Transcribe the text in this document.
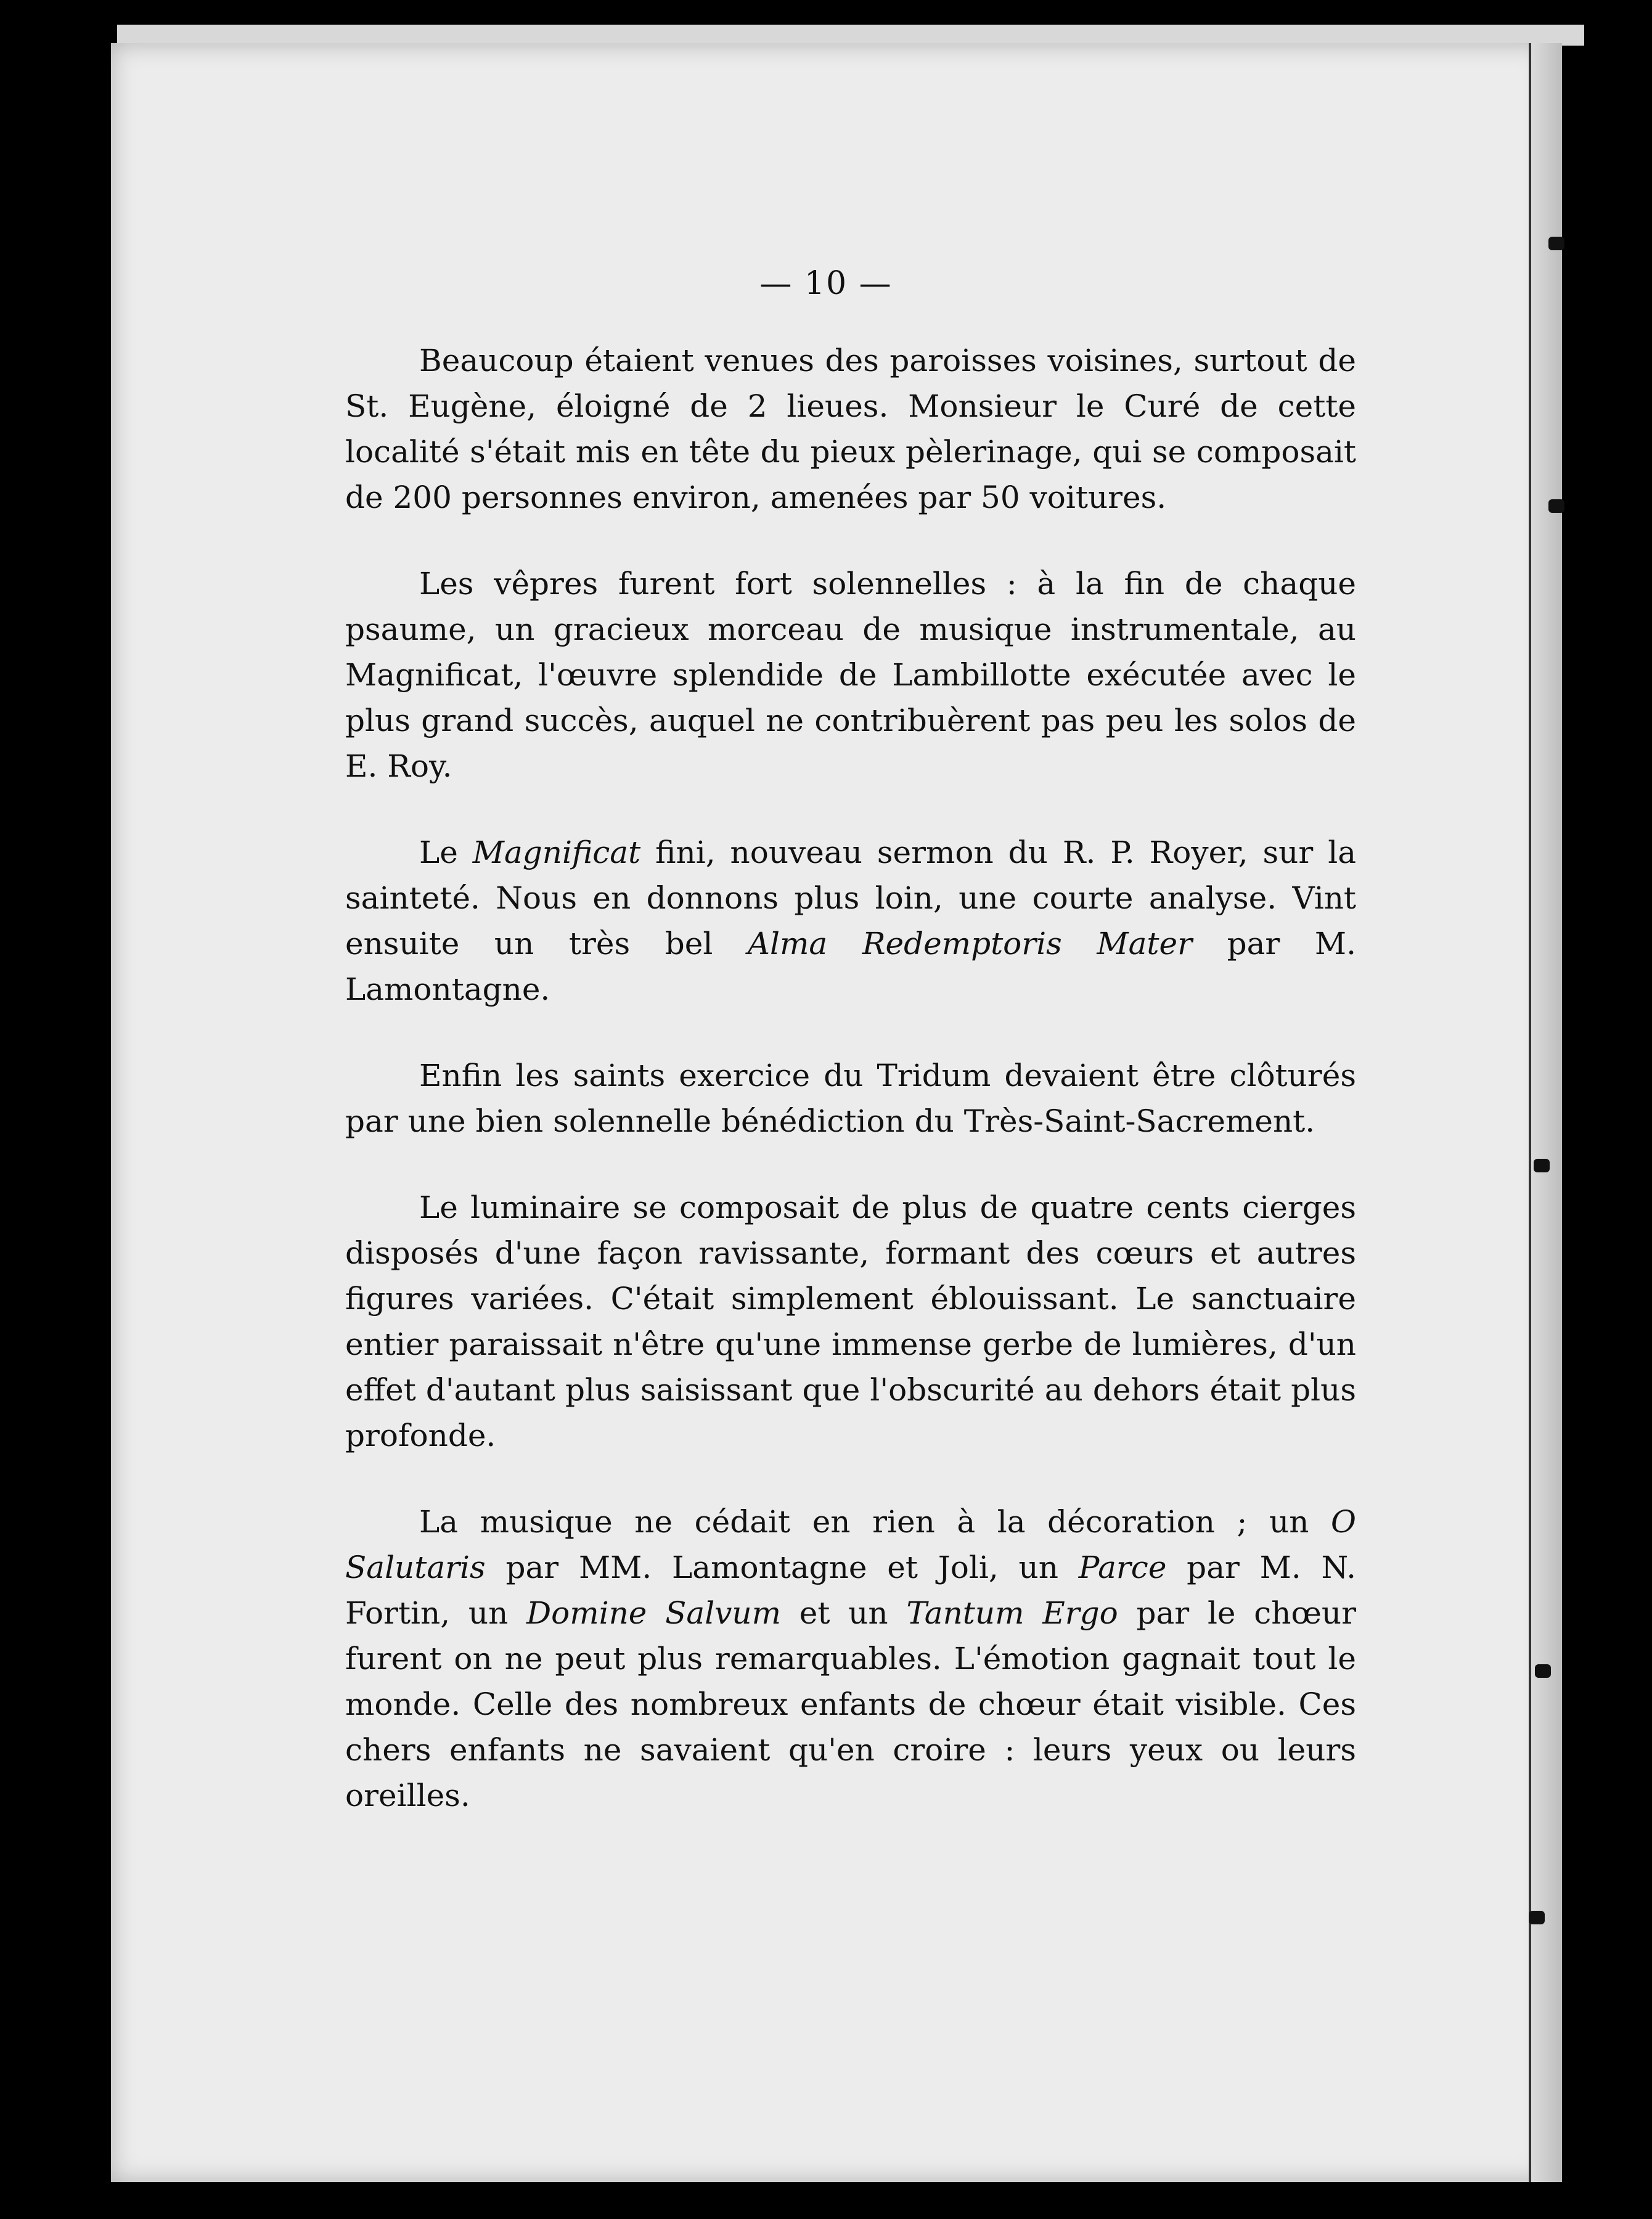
— 10 —

Beaucoup étaient venues des paroisses voisines, surtout de St. Eugène, éloigné de 2 lieues. Monsieur le Curé de cette localité s'était mis en tête du pieux pèlerinage, qui se composait de 200 personnes environ, amenées par 50 voitures.

Les vêpres furent fort solennelles : à la fin de chaque psaume, un gracieux morceau de musique instrumentale, au Magnificat, l'œuvre splendide de Lambillotte exécutée avec le plus grand succès, auquel ne contribuèrent pas peu les solos de E. Roy.

Le Magnificat fini, nouveau sermon du R. P. Royer, sur la sainteté. Nous en donnons plus loin, une courte analyse. Vint ensuite un très bel Alma Redemptoris Mater par M. Lamontagne.

Enfin les saints exercice du Tridum devaient être clôturés par une bien solennelle bénédiction du Très-Saint-Sacrement.

Le luminaire se composait de plus de quatre cents cierges disposés d'une façon ravissante, formant des cœurs et autres figures variées. C'était simplement éblouissant. Le sanctuaire entier paraissait n'être qu'une immense gerbe de lumières, d'un effet d'autant plus saisissant que l'obscurité au dehors était plus profonde.

La musique ne cédait en rien à la décoration ; un O Salutaris par MM. Lamontagne et Joli, un Parce par M. N. Fortin, un Domine Salvum et un Tantum Ergo par le chœur furent on ne peut plus remarquables. L'émotion gagnait tout le monde. Celle des nombreux enfants de chœur était visible. Ces chers enfants ne savaient qu'en croire : leurs yeux ou leurs oreilles.
